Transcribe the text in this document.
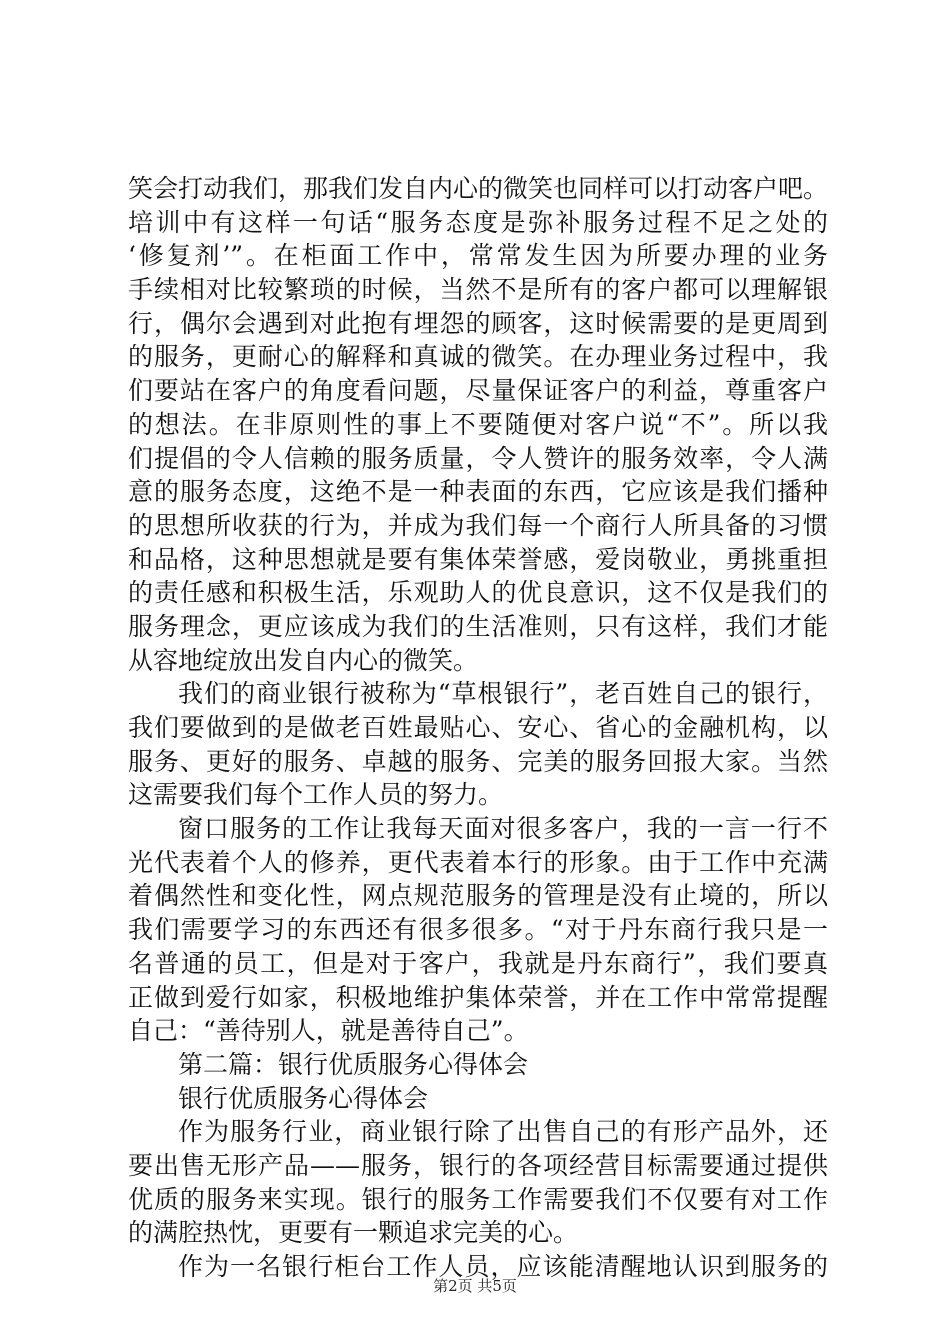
笑会打动我们，那我们发自内心的微笑也同样可以打动客户吧。
培训中有这样一句话“服务态度是弥补服务过程不足之处的
‘修复剂’”。在柜面工作中，常常发生因为所要办理的业务
手续相对比较繁琐的时候，当然不是所有的客户都可以理解银
行，偶尔会遇到对此抱有埋怨的顾客，这时候需要的是更周到
的服务，更耐心的解释和真诚的微笑。在办理业务过程中，我
们要站在客户的角度看问题，尽量保证客户的利益，尊重客户
的想法。在非原则性的事上不要随便对客户说“不”。所以我
们提倡的令人信赖的服务质量，令人赞许的服务效率，令人满
意的服务态度，这绝不是一种表面的东西，它应该是我们播种
的思想所收获的行为，并成为我们每一个商行人所具备的习惯
和品格，这种思想就是要有集体荣誉感，爱岗敬业，勇挑重担
的责任感和积极生活，乐观助人的优良意识，这不仅是我们的
服务理念，更应该成为我们的生活准则，只有这样，我们才能
从容地绽放出发自内心的微笑。
我们的商业银行被称为“草根银行”，老百姓自己的银行，
我们要做到的是做老百姓最贴心、安心、省心的金融机构，以
服务、更好的服务、卓越的服务、完美的服务回报大家。当然
这需要我们每个工作人员的努力。
窗口服务的工作让我每天面对很多客户，我的一言一行不
光代表着个人的修养，更代表着本行的形象。由于工作中充满
着偶然性和变化性，网点规范服务的管理是没有止境的，所以
我们需要学习的东西还有很多很多。“对于丹东商行我只是一
名普通的员工，但是对于客户，我就是丹东商行”，我们要真
正做到爱行如家，积极地维护集体荣誉，并在工作中常常提醒
自己：“善待别人，就是善待自己”。
第二篇：银行优质服务心得体会
银行优质服务心得体会
作为服务行业，商业银行除了出售自己的有形产品外，还
要出售无形产品——服务，银行的各项经营目标需要通过提供
优质的服务来实现。银行的服务工作需要我们不仅要有对工作
的满腔热忱，更要有一颗追求完美的心。
作为一名银行柜台工作人员，应该能清醒地认识到服务的
第2页 共5页
